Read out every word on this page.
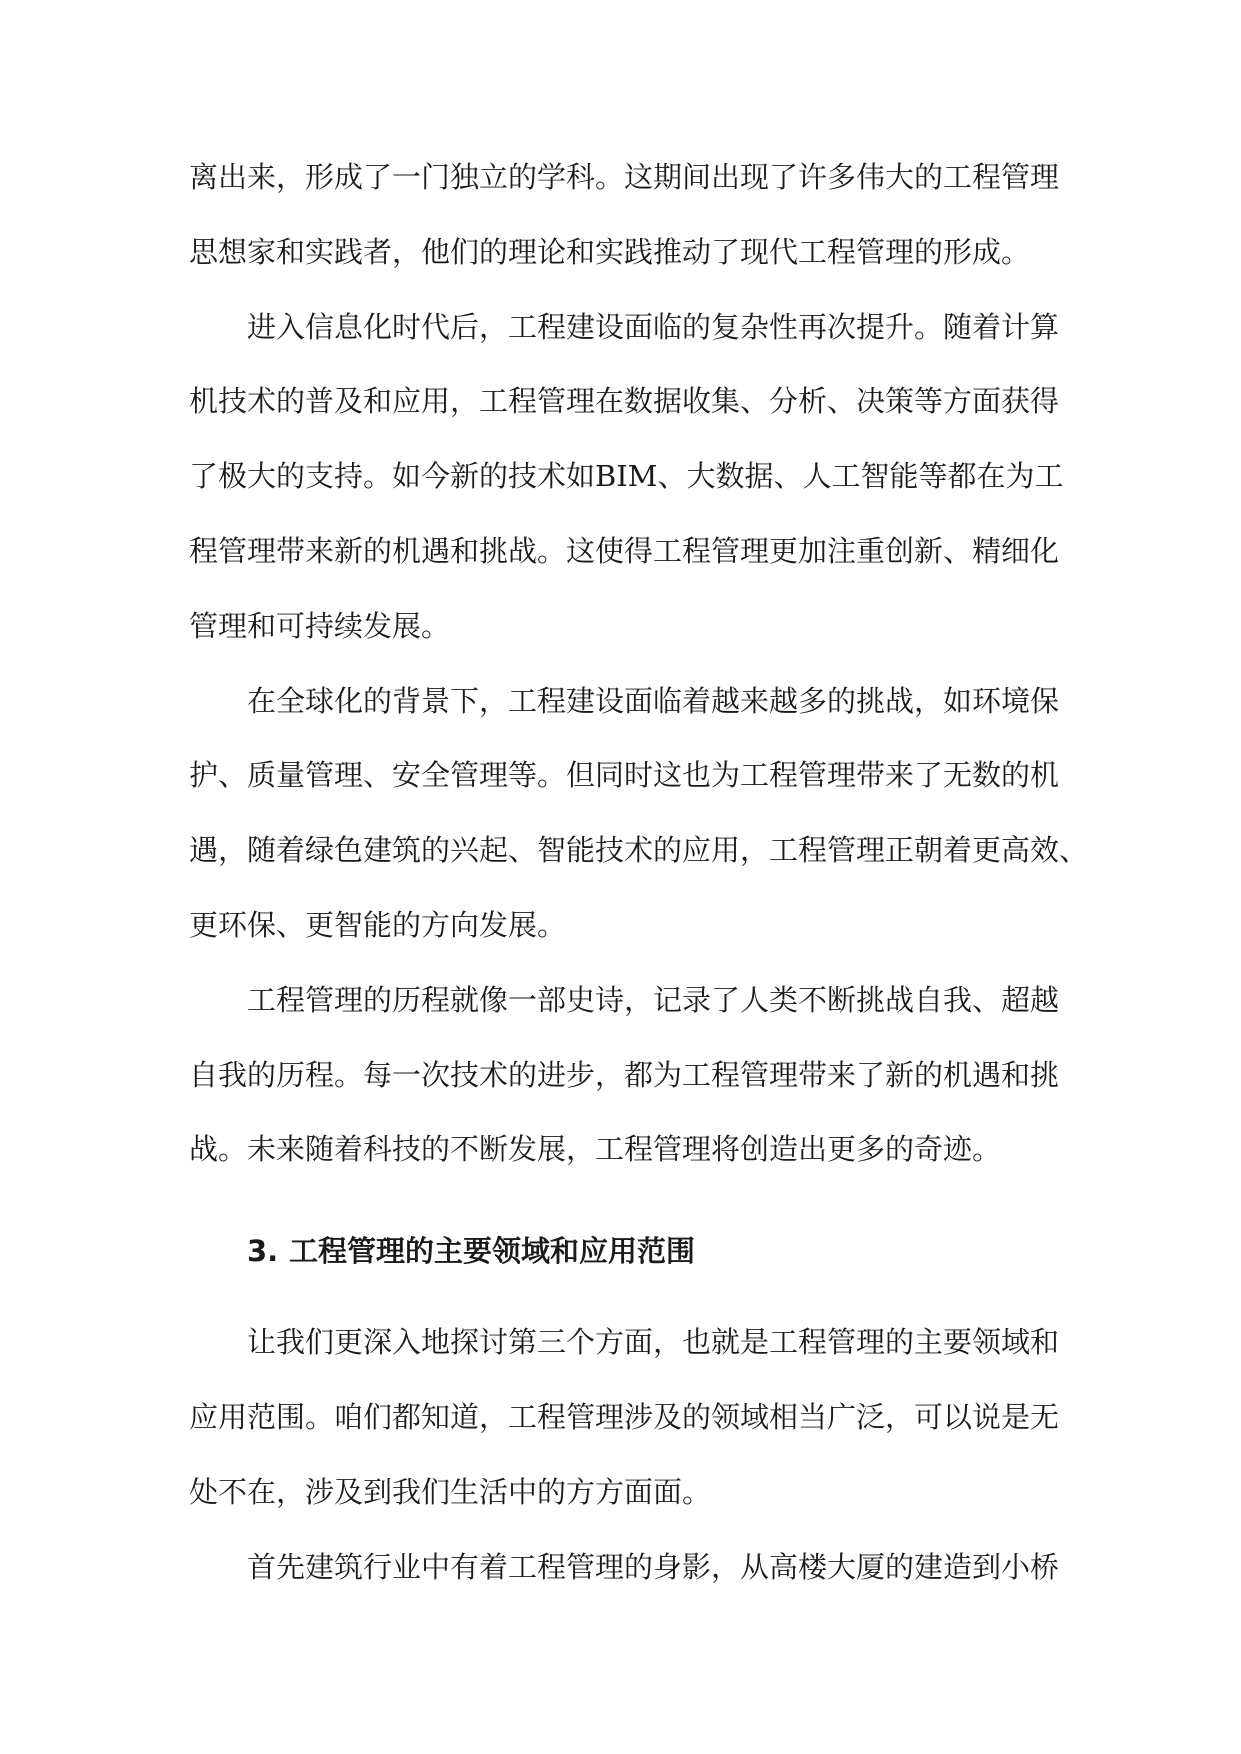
离出来，形成了一门独立的学科。这期间出现了许多伟大的工程管理
思想家和实践者，他们的理论和实践推动了现代工程管理的形成。
进入信息化时代后，工程建设面临的复杂性再次提升。随着计算
机技术的普及和应用，工程管理在数据收集、分析、决策等方面获得
了极大的支持。如今新的技术如BIM、大数据、人工智能等都在为工
程管理带来新的机遇和挑战。这使得工程管理更加注重创新、精细化
管理和可持续发展。
在全球化的背景下，工程建设面临着越来越多的挑战，如环境保
护、质量管理、安全管理等。但同时这也为工程管理带来了无数的机
遇，随着绿色建筑的兴起、智能技术的应用，工程管理正朝着更高效、
更环保、更智能的方向发展。
工程管理的历程就像一部史诗，记录了人类不断挑战自我、超越
自我的历程。每一次技术的进步，都为工程管理带来了新的机遇和挑
战。未来随着科技的不断发展，工程管理将创造出更多的奇迹。
3. 工程管理的主要领域和应用范围
让我们更深入地探讨第三个方面，也就是工程管理的主要领域和
应用范围。咱们都知道，工程管理涉及的领域相当广泛，可以说是无
处不在，涉及到我们生活中的方方面面。
首先建筑行业中有着工程管理的身影，从高楼大厦的建造到小桥
